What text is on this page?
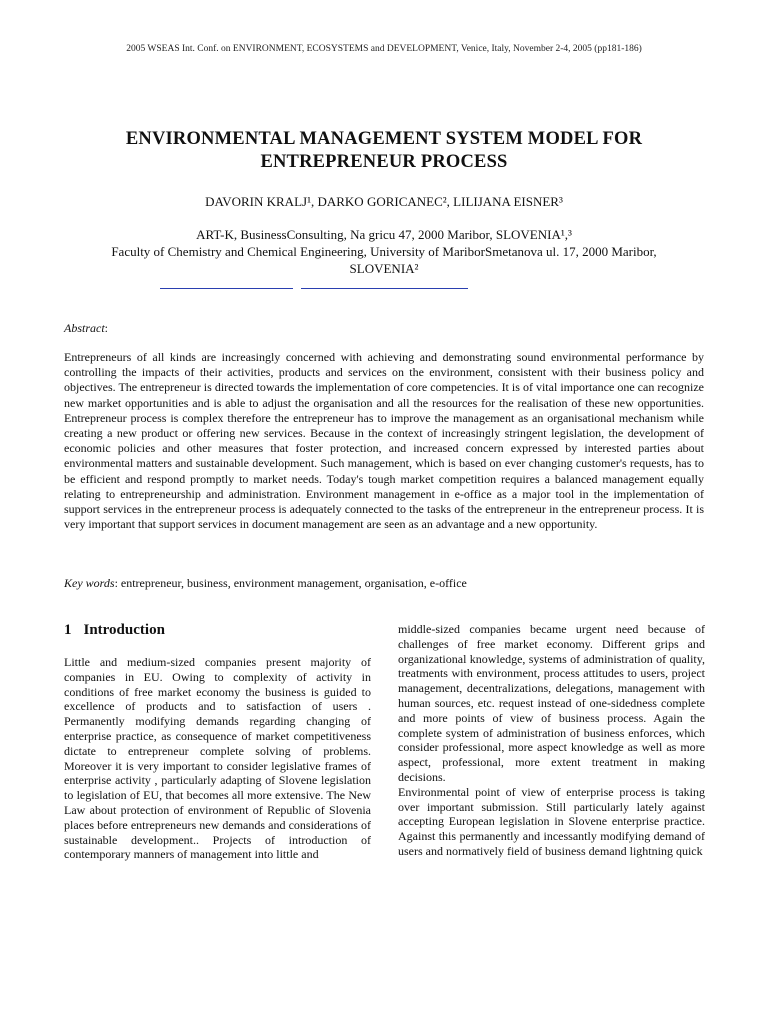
2005 WSEAS Int. Conf. on ENVIRONMENT, ECOSYSTEMS and DEVELOPMENT, Venice, Italy, November 2-4, 2005 (pp181-186)
ENVIRONMENTAL MANAGEMENT SYSTEM MODEL FOR
ENTREPRENEUR PROCESS
DAVORIN KRALJ¹, DARKO GORICANEC², LILIJANA EISNER³
ART-K, BusinessConsulting, Na gricu 47, 2000 Maribor, SLOVENIA¹,³
Faculty of Chemistry and Chemical Engineering, University of MariborSmetanova ul. 17, 2000 Maribor,
SLOVENIA²
Abstract:
Entrepreneurs of all kinds are increasingly concerned with achieving and demonstrating sound environmental performance by controlling the impacts of their activities, products and services on the environment, consistent with their business policy and objectives. The entrepreneur is directed towards the implementation of core competencies. It is of vital importance one can recognize new market opportunities and is able to adjust the organisation and all the resources for the realisation of these new opportunities. Entrepreneur process is complex therefore the entrepreneur has to improve the management as an organisational mechanism while creating a new product or offering new services. Because in the context of increasingly stringent legislation, the development of economic policies and other measures that foster protection, and increased concern expressed by interested parties about environmental matters and sustainable development. Such management, which is based on ever changing customer's requests, has to be efficient and respond promptly to market needs. Today's tough market competition requires a balanced management equally relating to entrepreneurship and administration. Environment management in e-office as a major tool in the implementation of support services in the entrepreneur process is adequately connected to the tasks of the entrepreneur in the entrepreneur process. It is very important that support services in document management are seen as an advantage and a new opportunity.
Key words: entrepreneur, business, environment management, organisation, e-office
1 Introduction

Little and medium-sized companies present majority of companies in EU. Owing to complexity of activity in conditions of free market economy the business is guided to excellence of products and to satisfaction of users . Permanently modifying demands regarding changing of enterprise practice, as consequence of market competitiveness dictate to entrepreneur complete solving of problems. Moreover it is very important to consider legislative frames of enterprise activity , particularly adapting of Slovene legislation to legislation of EU, that becomes all more extensive. The New Law about protection of environment of Republic of Slovenia places before entrepreneurs new demands and considerations of sustainable development.. Projects of introduction of contemporary manners of management into little and

middle-sized companies became urgent need because of challenges of free market economy. Different grips and organizational knowledge, systems of administration of quality, treatments with environment, process attitudes to users, project management, decentralizations, delegations, management with human sources, etc. request instead of one-sidedness complete and more points of view of business process. Again the complete system of administration of business enforces, which consider professional, more aspect knowledge as well as more aspect, professional, more extent treatment in making decisions.

Environmental point of view of enterprise process is taking over important submission. Still particularly lately against accepting European legislation in Slovene enterprise practice. Against this permanently and incessantly modifying demand of users and normatively field of business demand lightning quick
